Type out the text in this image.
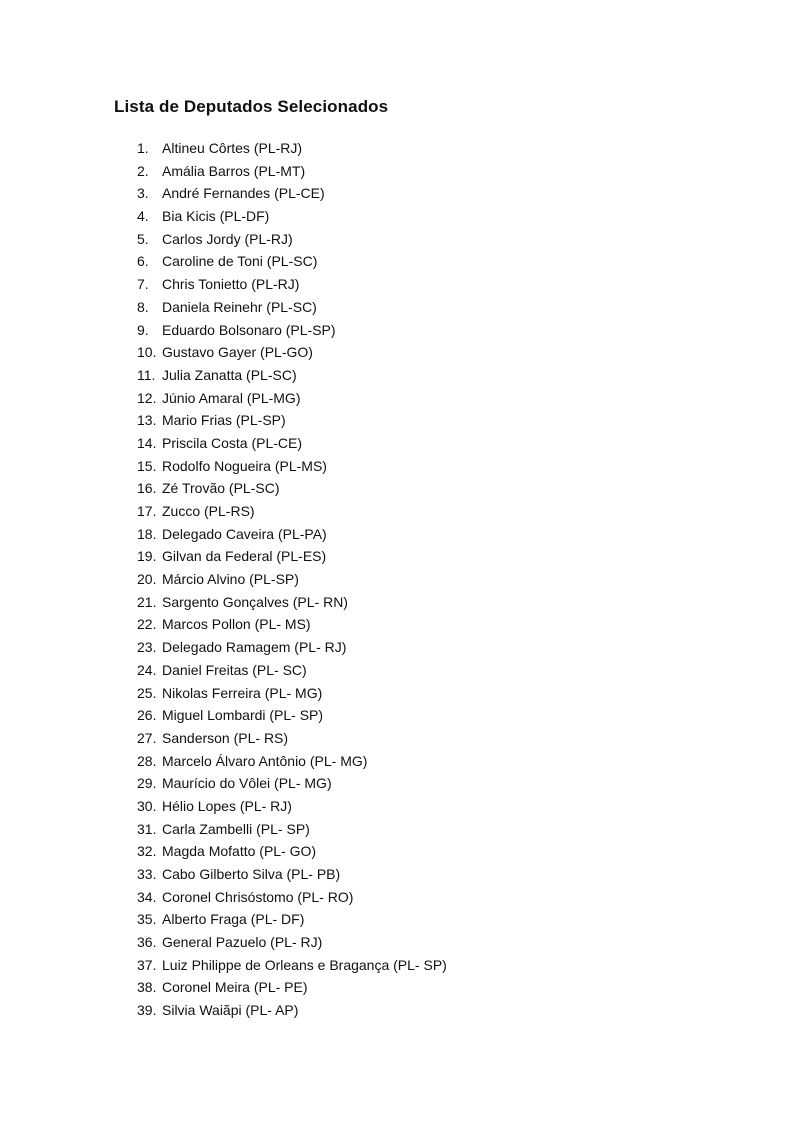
Lista de Deputados Selecionados
1. Altineu Côrtes (PL-RJ)
2. Amália Barros (PL-MT)
3. André Fernandes (PL-CE)
4. Bia Kicis (PL-DF)
5. Carlos Jordy (PL-RJ)
6. Caroline de Toni (PL-SC)
7. Chris Tonietto (PL-RJ)
8. Daniela Reinehr (PL-SC)
9. Eduardo Bolsonaro (PL-SP)
10. Gustavo Gayer (PL-GO)
11. Julia Zanatta (PL-SC)
12. Júnio Amaral (PL-MG)
13. Mario Frias (PL-SP)
14. Priscila Costa (PL-CE)
15. Rodolfo Nogueira (PL-MS)
16. Zé Trovão (PL-SC)
17. Zucco (PL-RS)
18. Delegado Caveira (PL-PA)
19. Gilvan da Federal (PL-ES)
20. Márcio Alvino (PL-SP)
21. Sargento Gonçalves (PL- RN)
22. Marcos Pollon (PL- MS)
23. Delegado Ramagem (PL- RJ)
24. Daniel Freitas (PL- SC)
25. Nikolas Ferreira (PL- MG)
26. Miguel Lombardi (PL- SP)
27. Sanderson (PL- RS)
28. Marcelo Álvaro Antônio (PL- MG)
29. Maurício do Vôlei (PL- MG)
30. Hélio Lopes (PL- RJ)
31. Carla Zambelli (PL- SP)
32. Magda Mofatto (PL- GO)
33. Cabo Gilberto Silva (PL- PB)
34. Coronel Chrisóstomo (PL- RO)
35. Alberto Fraga (PL- DF)
36. General Pazuelo (PL- RJ)
37. Luiz Philippe de Orleans e Bragança (PL- SP)
38. Coronel Meira (PL- PE)
39. Silvia Waiãpi (PL- AP)
